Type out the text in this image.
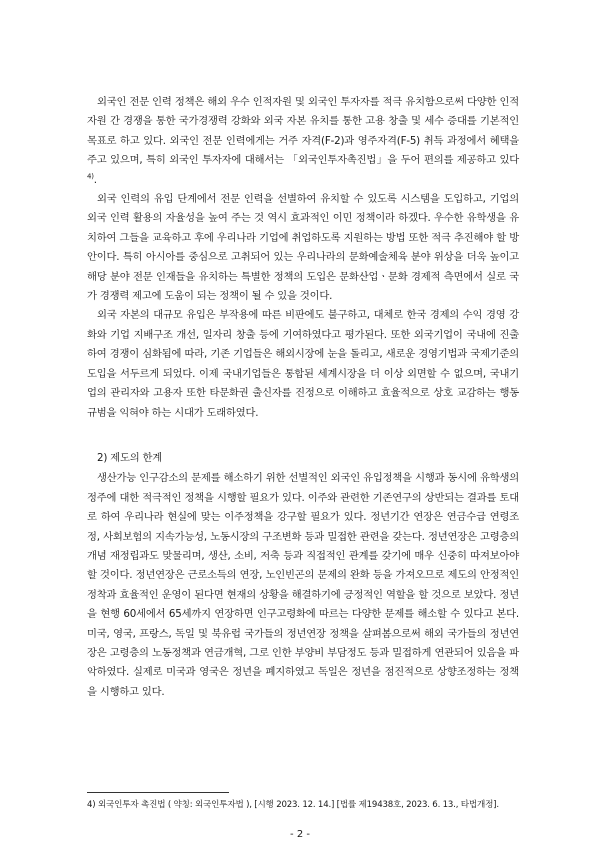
외국인 전문 인력 정책은 해외 우수 인적자원 및 외국인 투자자를 적극 유치함으로써 다양한 인적 자원 간 경쟁을 통한 국가경쟁력 강화와 외국 자본 유치를 통한 고용 창출 및 세수 증대를 기본적인 목표로 하고 있다. 외국인 전문 인력에게는 거주 자격(F-2)과 영주자격(F-5) 취득 과정에서 혜택을 주고 있으며, 특히 외국인 투자자에 대해서는 「외국인투자촉진법」을 두어 편의를 제공하고 있다$^{4)}$.

외국 인력의 유입 단계에서 전문 인력을 선별하여 유치할 수 있도록 시스템을 도입하고, 기업의 외국 인력 활용의 자율성을 높여 주는 것 역시 효과적인 이민 정책이라 하겠다. 우수한 유학생을 유치하여 그들을 교육하고 후에 우리나라 기업에 취업하도록 지원하는 방법 또한 적극 추진해야 할 방안이다. 특히 아시아를 중심으로 고취되어 있는 우리나라의 문화예술체육 분야 위상을 더욱 높이고 해당 분야 전문 인재들을 유치하는 특별한 정책의 도입은 문화산업ㆍ문화 경제적 측면에서 실로 국가 경쟁력 제고에 도움이 되는 정책이 될 수 있을 것이다.

외국 자본의 대규모 유입은 부작용에 따른 비판에도 불구하고, 대체로 한국 경제의 수익 경영 강화와 기업 지배구조 개선, 일자리 창출 등에 기여하였다고 평가된다. 또한 외국기업이 국내에 진출하여 경쟁이 심화됨에 따라, 기존 기업들은 해외시장에 눈을 돌리고, 새로운 경영기법과 국제기준의 도입을 서두르게 되었다. 이제 국내기업들은 통합된 세계시장을 더 이상 외면할 수 없으며, 국내기업의 관리자와 고용자 또한 타문화권 출신자를 진정으로 이해하고 효율적으로 상호 교감하는 행동규범을 익혀야 하는 시대가 도래하였다.

2) 제도의 한계

생산가능 인구감소의 문제를 해소하기 위한 선별적인 외국인 유입정책을 시행과 동시에 유학생의 정주에 대한 적극적인 정책을 시행할 필요가 있다. 이주와 관련한 기존연구의 상반되는 결과를 토대로 하여 우리나라 현실에 맞는 이주정책을 강구할 필요가 있다. 정년기간 연장은 연금수급 연령조정, 사회보험의 지속가능성, 노동시장의 구조변화 등과 밀접한 관련을 갖는다. 정년연장은 고령층의 개념 재정립과도 맞물리며, 생산, 소비, 저축 등과 직접적인 관계를 갖기에 매우 신중히 따져보아야 할 것이다. 정년연장은 근로소득의 연장, 노인빈곤의 문제의 완화 등을 가져오므로 제도의 안정적인 정착과 효율적인 운영이 된다면 현재의 상황을 해결하기에 긍정적인 역할을 할 것으로 보았다. 정년을 현행 60세에서 65세까지 연장하면 인구고령화에 따르는 다양한 문제를 해소할 수 있다고 본다. 미국, 영국, 프랑스, 독일 및 북유럽 국가들의 정년연장 정책을 살펴봄으로써 해외 국가들의 정년연장은 고령층의 노동정책과 연금개혁, 그로 인한 부양비 부담정도 등과 밀접하게 연관되어 있음을 파악하였다. 실제로 미국과 영국은 정년을 폐지하였고 독일은 정년을 점진적으로 상향조정하는 정책을 시행하고 있다.

4) 외국인투자 촉진법 ( 약칭: 외국인투자법 ), [시행 2023. 12. 14.] [법률 제19438호, 2023. 6. 13., 타법개정].
- 2 -
